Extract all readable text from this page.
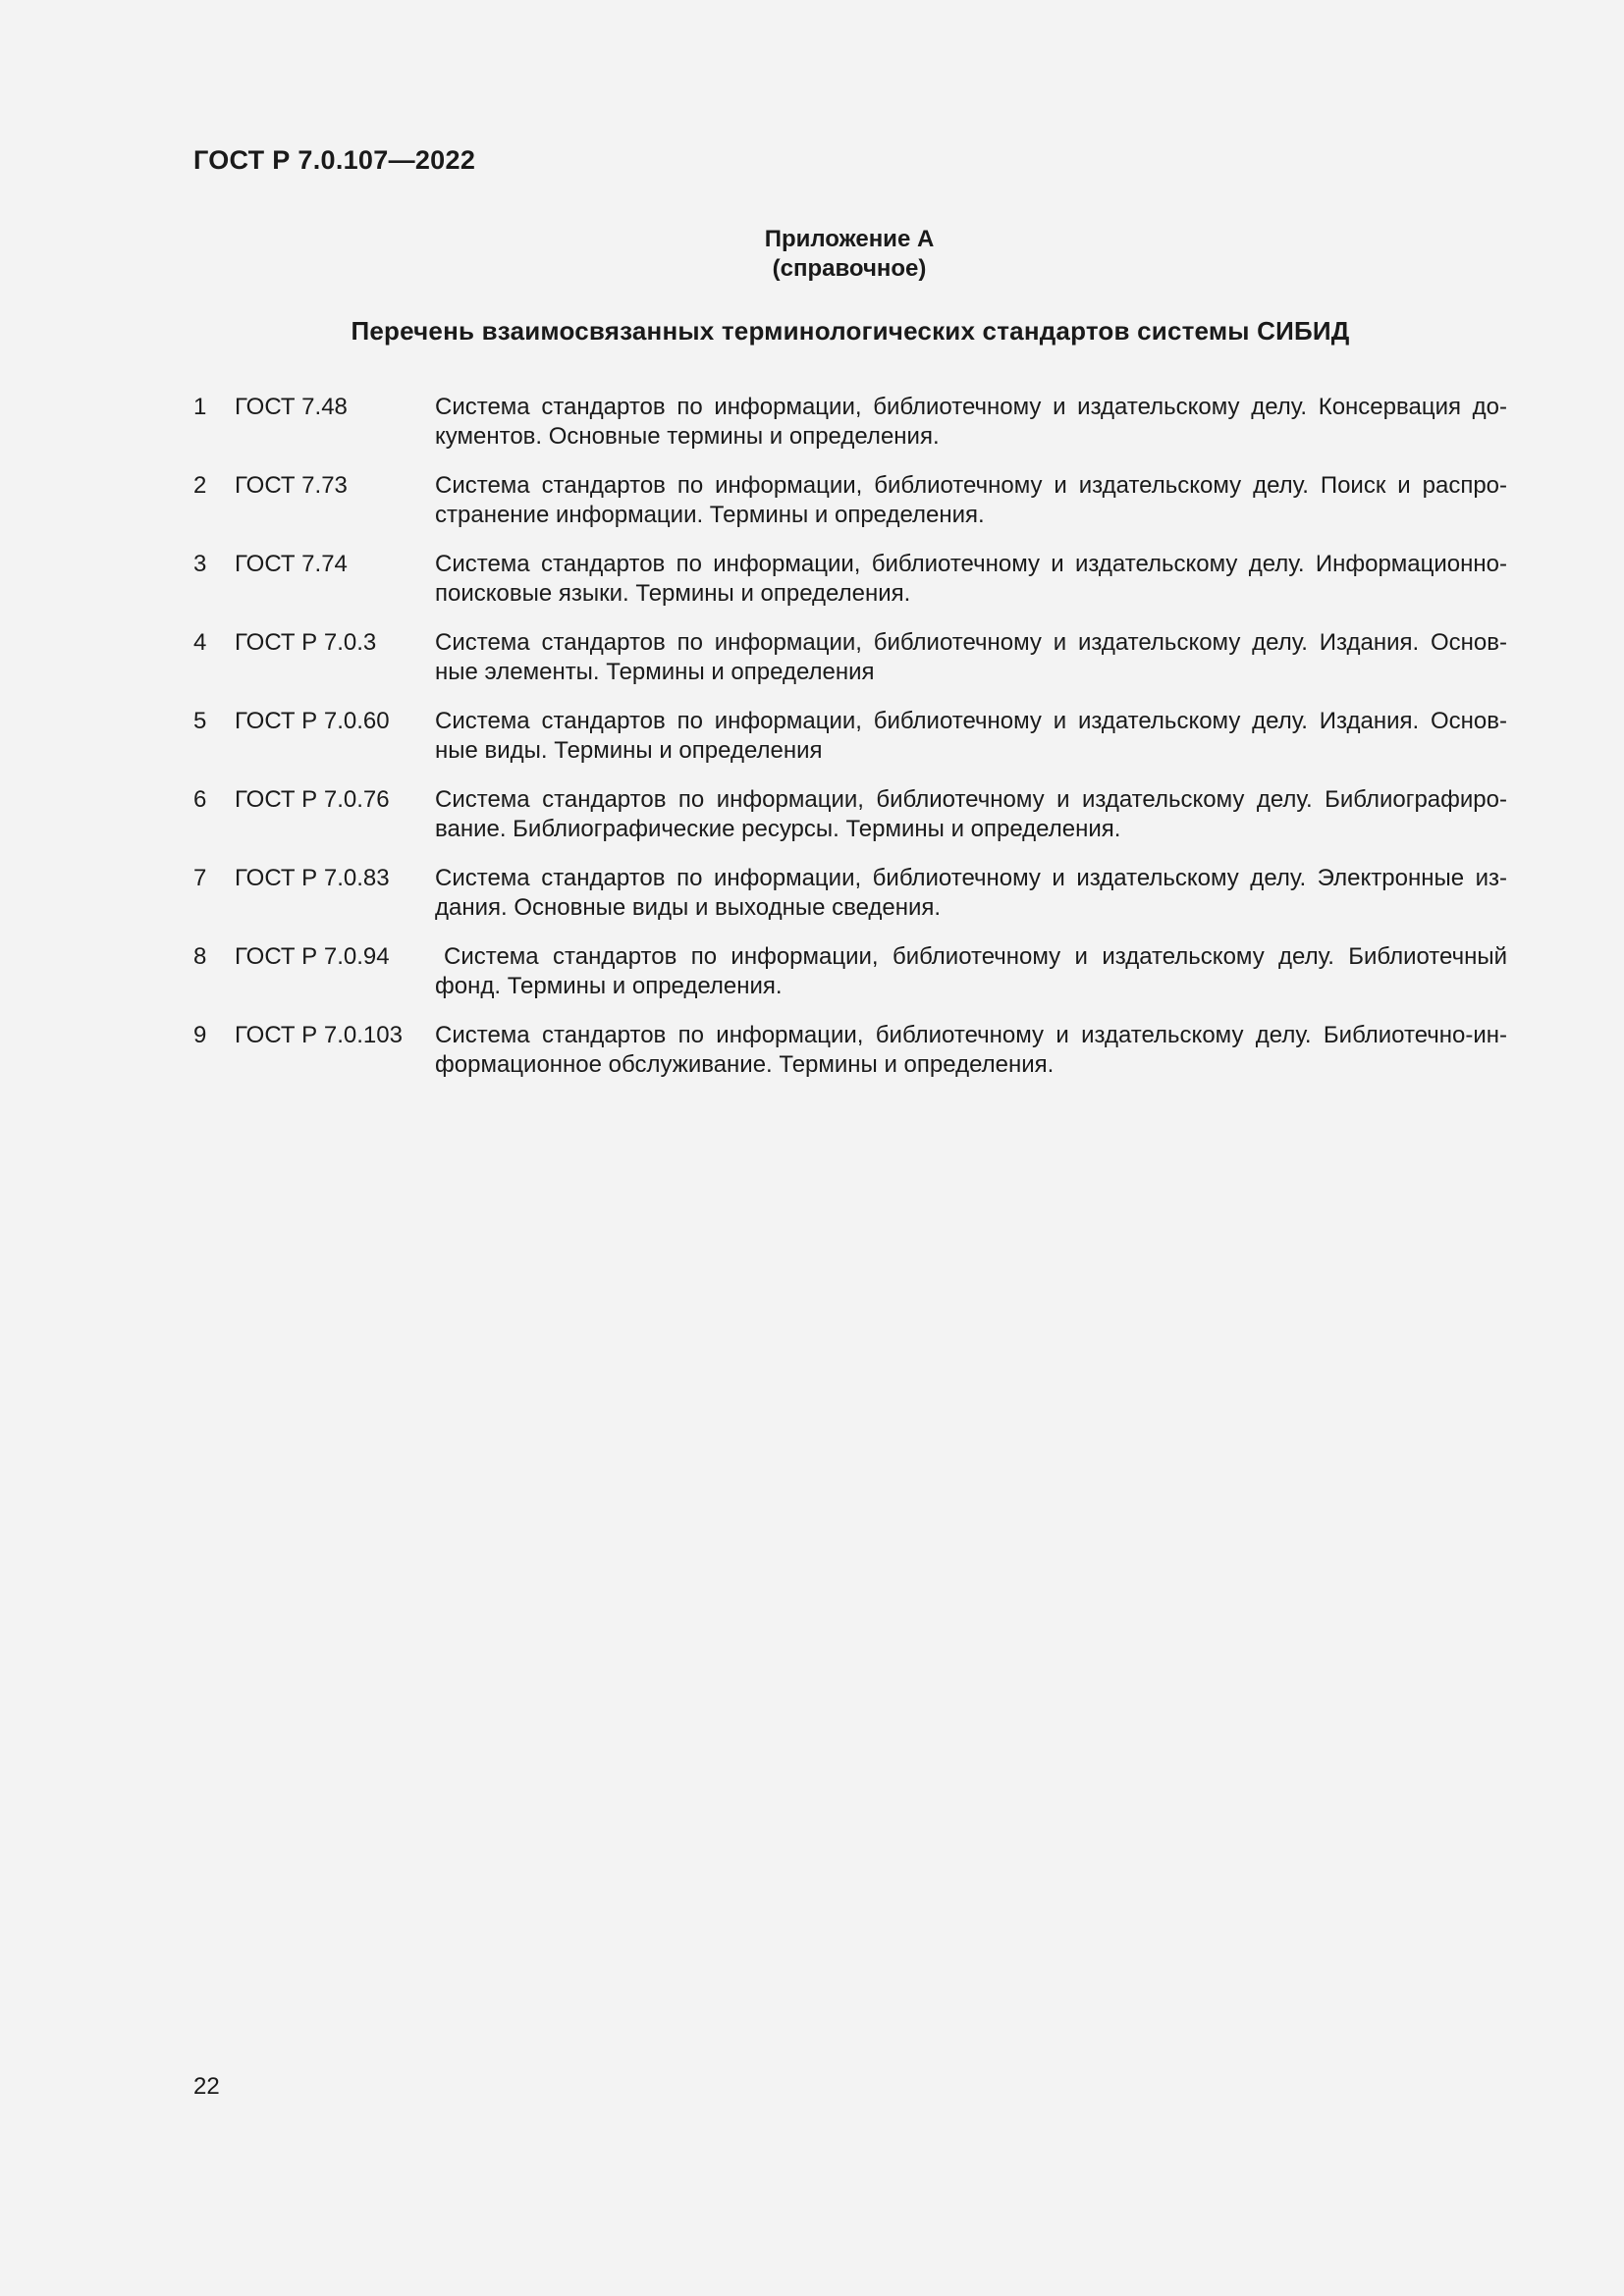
ГОСТ Р 7.0.107—2022
Приложение А
(справочное)
Перечень взаимосвязанных терминологических стандартов системы СИБИД
1	ГОСТ 7.48	Система стандартов по информации, библиотечному и издательскому делу. Консервация до-
кументов. Основные термины и определения.
2	ГОСТ 7.73	Система стандартов по информации, библиотечному и издательскому делу. Поиск и распро-
странение информации. Термины и определения.
3	ГОСТ 7.74	Система стандартов по информации, библиотечному и издательскому делу. Информационно-
поисковые языки. Термины и определения.
4	ГОСТ Р 7.0.3	Система стандартов по информации, библиотечному и издательскому делу. Издания. Основ-
ные элементы. Термины и определения
5	ГОСТ Р 7.0.60	Система стандартов по информации, библиотечному и издательскому делу. Издания. Основ-
ные виды. Термины и определения
6	ГОСТ Р 7.0.76	Система стандартов по информации, библиотечному и издательскому делу. Библиографиро-
вание. Библиографические ресурсы. Термины и определения.
7	ГОСТ Р 7.0.83	Система стандартов по информации, библиотечному и издательскому делу. Электронные из-
дания. Основные виды и выходные сведения.
8	ГОСТ Р 7.0.94	Система стандартов по информации, библиотечному и издательскому делу. Библиотечный
фонд. Термины и определения.
9	ГОСТ Р 7.0.103	Система стандартов по информации, библиотечному и издательскому делу. Библиотечно-ин-
формационное обслуживание. Термины и определения.
22
